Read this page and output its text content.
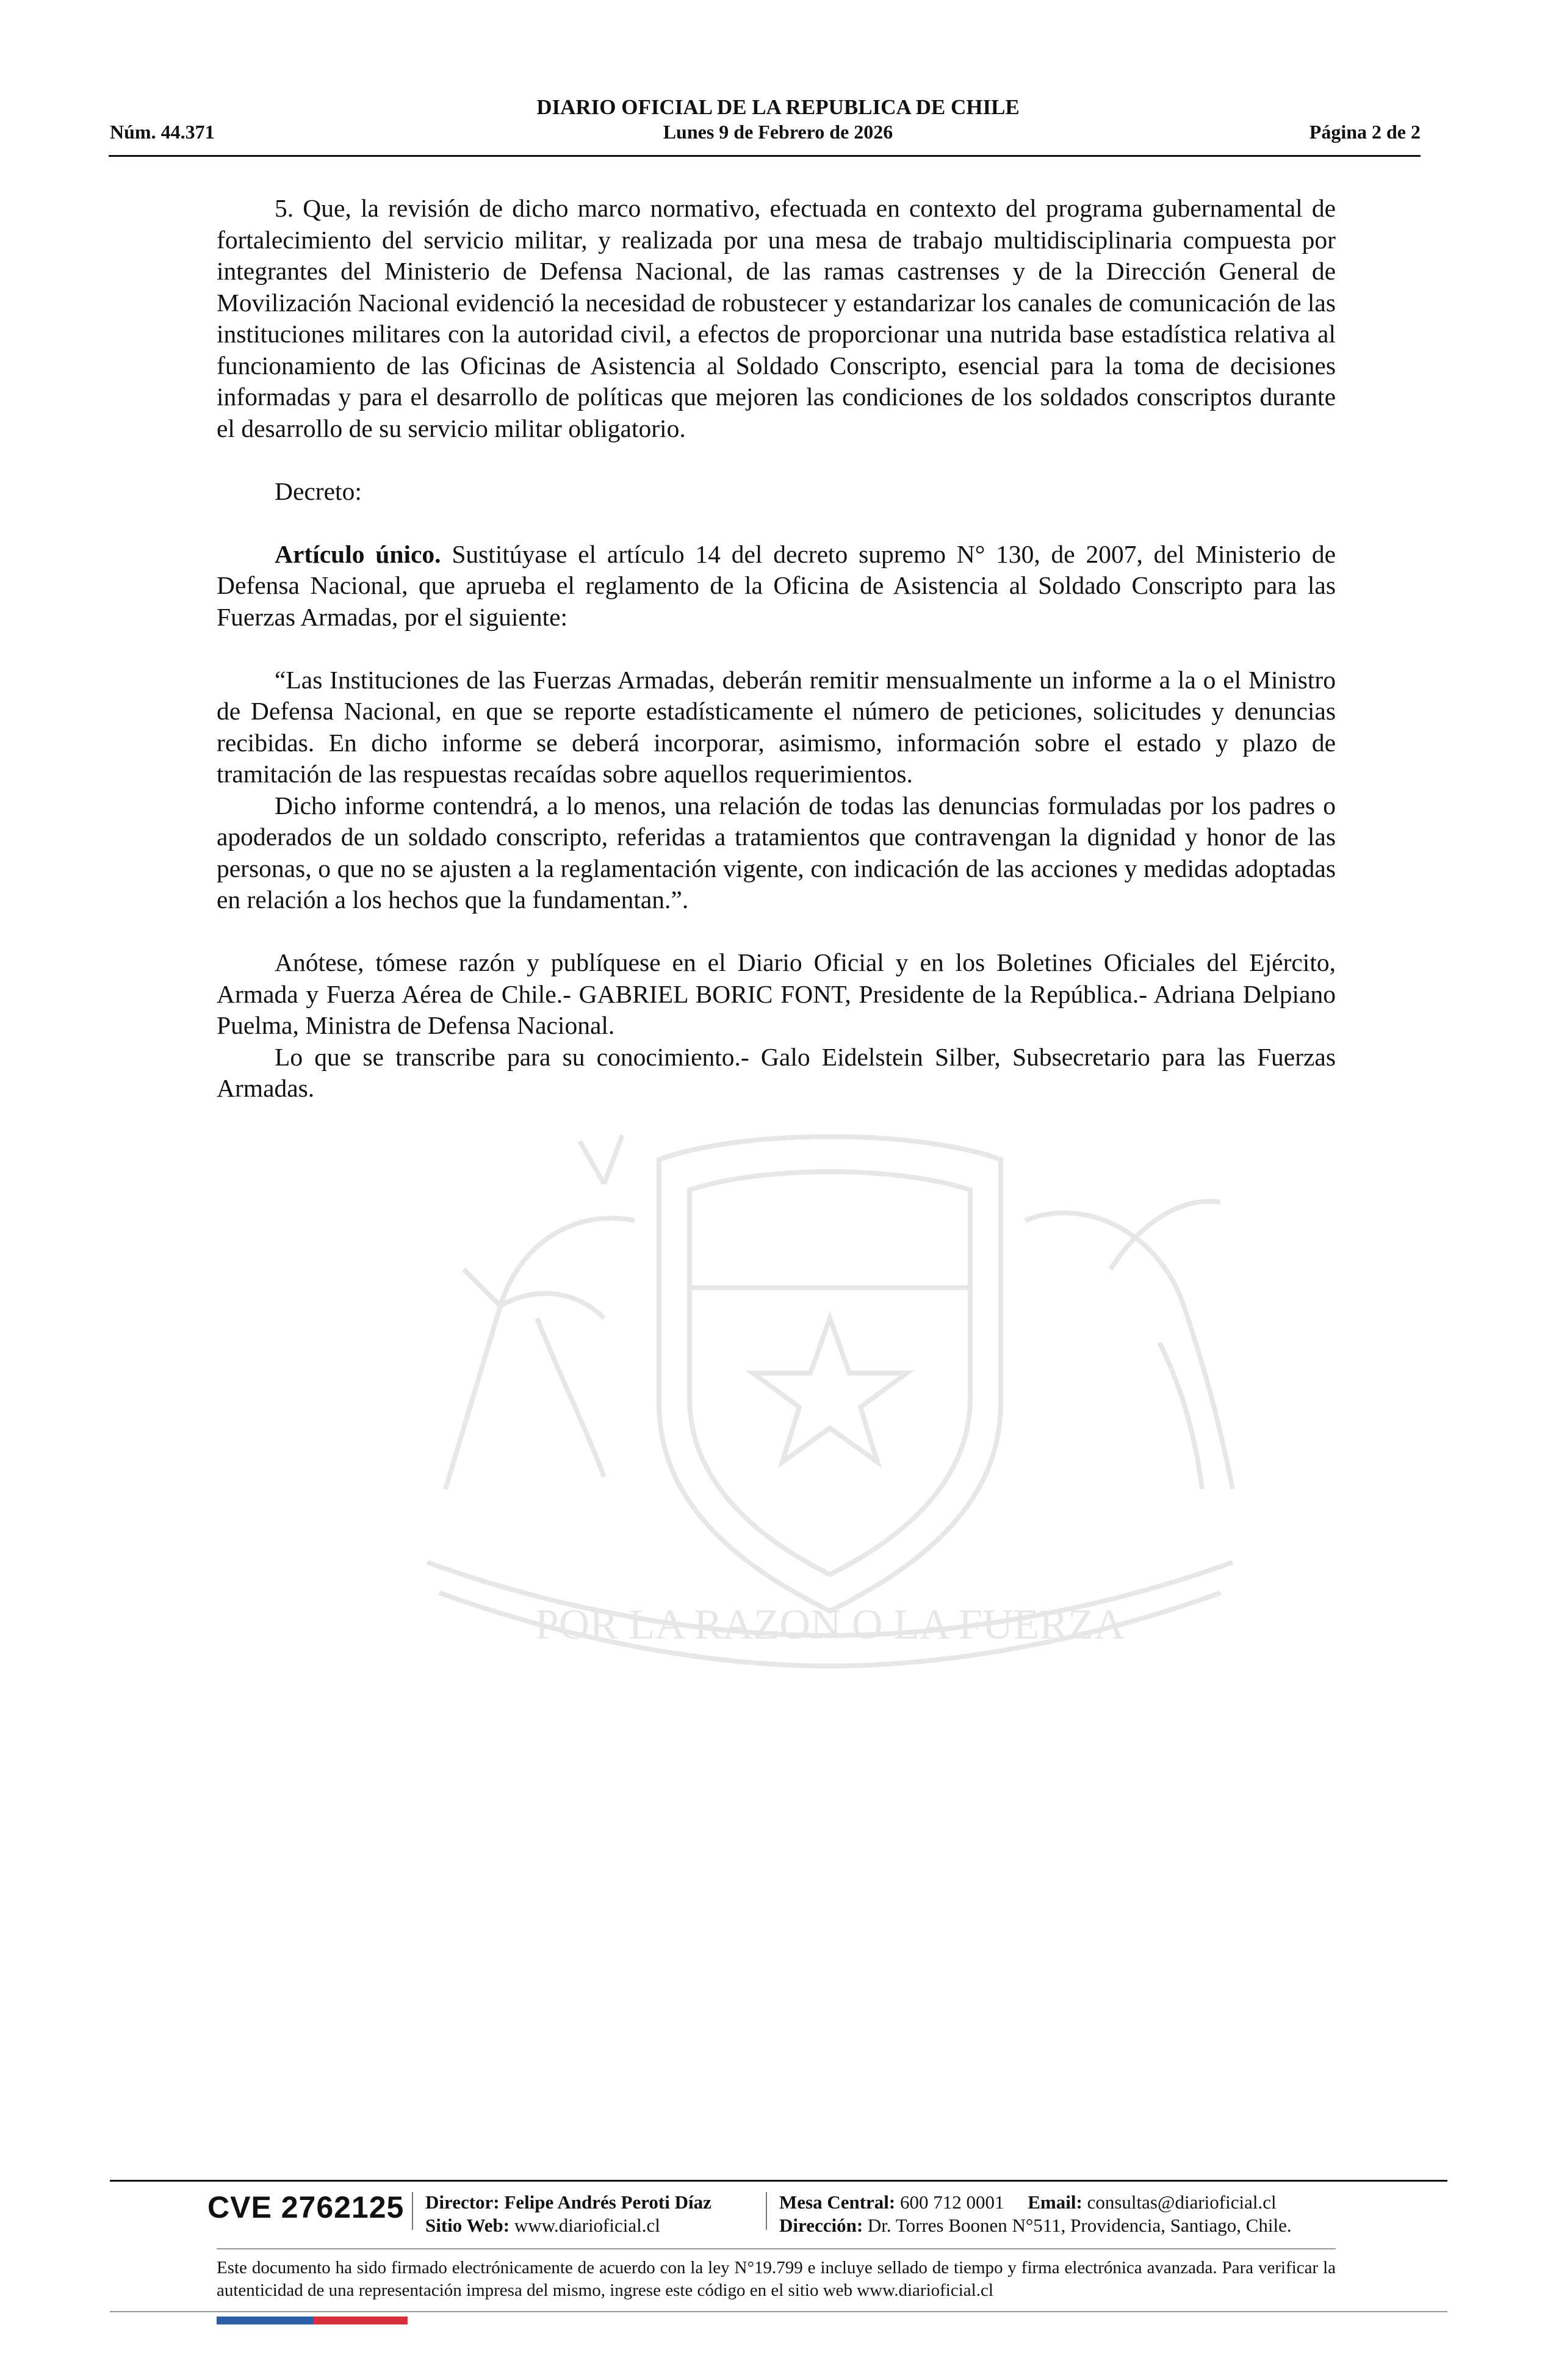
DIARIO OFICIAL DE LA REPUBLICA DE CHILE
Núm. 44.371	Lunes 9 de Febrero de 2026	Página 2 de 2
POR LA RAZON O LA FUERZA

5. Que, la revisión de dicho marco normativo, efectuada en contexto del programa gubernamental de fortalecimiento del servicio militar, y realizada por una mesa de trabajo multidisciplinaria compuesta por integrantes del Ministerio de Defensa Nacional, de las ramas castrenses y de la Dirección General de Movilización Nacional evidenció la necesidad de robustecer y estandarizar los canales de comunicación de las instituciones militares con la autoridad civil, a efectos de proporcionar una nutrida base estadística relativa al funcionamiento de las Oficinas de Asistencia al Soldado Conscripto, esencial para la toma de decisiones informadas y para el desarrollo de políticas que mejoren las condiciones de los soldados conscriptos durante el desarrollo de su servicio militar obligatorio.

Decreto:

Artículo único. Sustitúyase el artículo 14 del decreto supremo N° 130, de 2007, del Ministerio de Defensa Nacional, que aprueba el reglamento de la Oficina de Asistencia al Soldado Conscripto para las Fuerzas Armadas, por el siguiente:

“Las Instituciones de las Fuerzas Armadas, deberán remitir mensualmente un informe a la o el Ministro de Defensa Nacional, en que se reporte estadísticamente el número de peticiones, solicitudes y denuncias recibidas. En dicho informe se deberá incorporar, asimismo, información sobre el estado y plazo de tramitación de las respuestas recaídas sobre aquellos requerimientos.

Dicho informe contendrá, a lo menos, una relación de todas las denuncias formuladas por los padres o apoderados de un soldado conscripto, referidas a tratamientos que contravengan la dignidad y honor de las personas, o que no se ajusten a la reglamentación vigente, con indicación de las acciones y medidas adoptadas en relación a los hechos que la fundamentan.”.

Anótese, tómese razón y publíquese en el Diario Oficial y en los Boletines Oficiales del Ejército, Armada y Fuerza Aérea de Chile.- GABRIEL BORIC FONT, Presidente de la República.- Adriana Delpiano Puelma, Ministra de Defensa Nacional.

Lo que se transcribe para su conocimiento.- Galo Eidelstein Silber, Subsecretario para las Fuerzas Armadas.

CVE 2762125 Director: Felipe Andrés Peroti Díaz
Sitio Web: www.diarioficial.cl
Mesa Central: 600 712 0001 Email: consultas@diarioficial.cl
Dirección: Dr. Torres Boonen N°511, Providencia, Santiago, Chile.
Este documento ha sido firmado electrónicamente de acuerdo con la ley N°19.799 e incluye sellado de tiempo y firma electrónica avanzada. Para verificar la autenticidad de una representación impresa del mismo, ingrese este código en el sitio web www.diarioficial.cl
